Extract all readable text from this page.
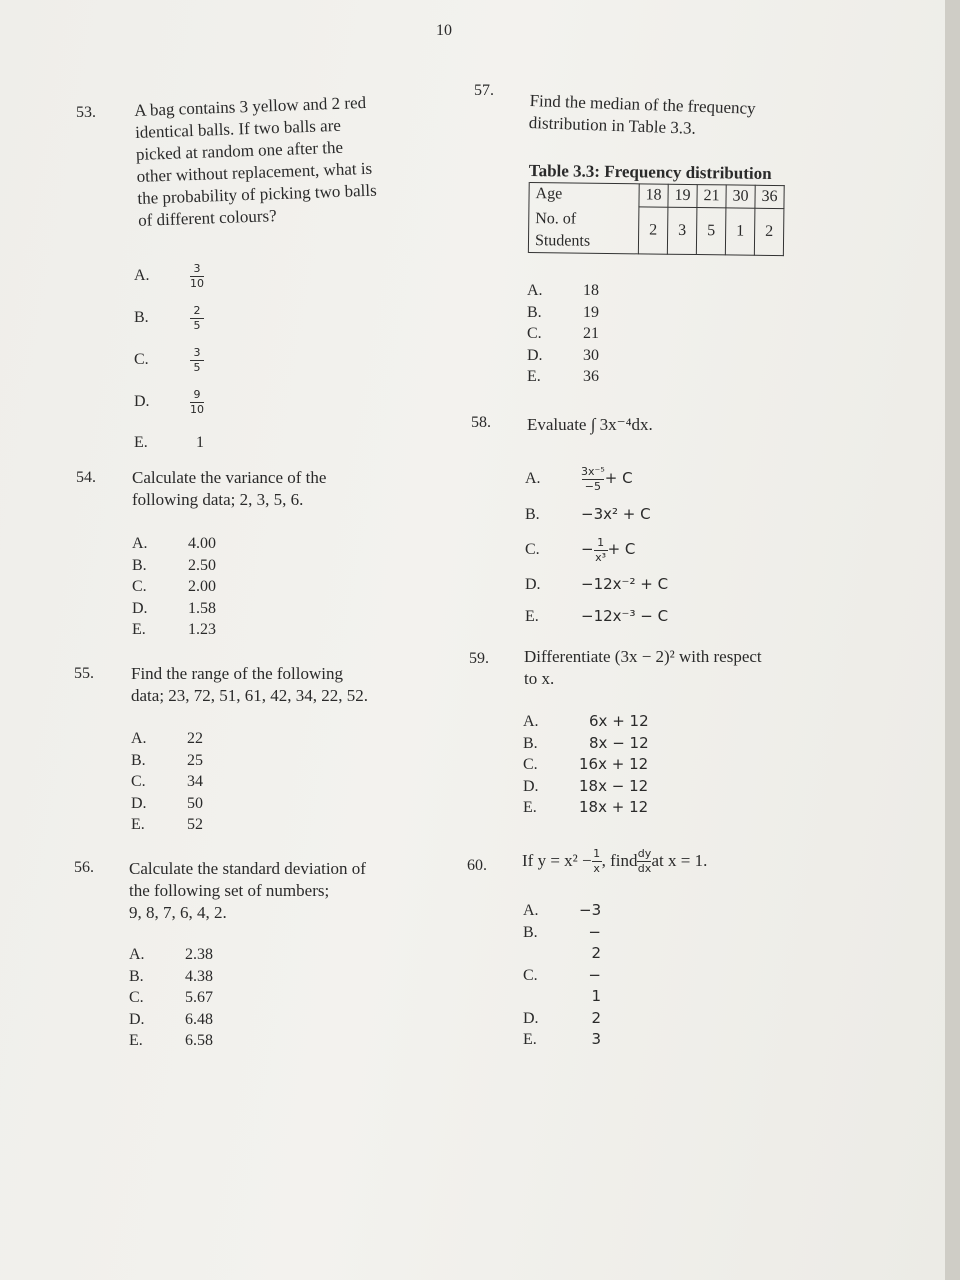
10
53. A bag contains 3 yellow and 2 red
identical balls. If two balls are
picked at random one after the
other without replacement, what is
the probability of picking two balls
of different colours?
A.	$\frac{3}{10}$
B.	$\frac{2}{5}$
C.	$\frac{3}{5}$
D.	$\frac{9}{10}$
E.	1
54. Calculate the variance of the
following data; 2, 3, 5, 6.
A.	4.00
B.	2.50
C.	2.00
D.	1.58
E.	1.23
55. Find the range of the following
data; 23, 72, 51, 61, 42, 34, 22, 52.
A.	22
B.	25
C.	34
D.	50
E.	52
56. Calculate the standard deviation of
the following set of numbers;
9, 8, 7, 6, 4, 2.
A.	2.38
B.	4.38
C.	5.67
D.	6.48
E.	6.58
57.
Find the median of the frequency
distribution in Table 3.3.
Table 3.3: Frequency distribution
Age	18	19	21	30	36

No. of
Students	2	3	5	1	2
A.	18
B.	19
C.	21
D.	30
E.	36
58. Evaluate ∫ 3x⁻⁴dx.
A.	$\frac{\text{3x⁻⁵}}{-5} + C$
B.	−3x² + C
C.	− $\frac{1}{\text{x³}} + C$
D.	−12x⁻² + C
E.	−12x⁻³ − C
59. Differentiate (3x − 2)² with respect
to x.
A.	6x + 12
B.	8x − 12
C.	16x + 12
D.	18x − 12
E.	18x + 12
60. If $y = x^2 - \frac{1}{x}$ , find $\frac{dy}{dx}$ at x = 1.
A.	−3
B.	− 2
C.	− 1
D.	2
E.	3
